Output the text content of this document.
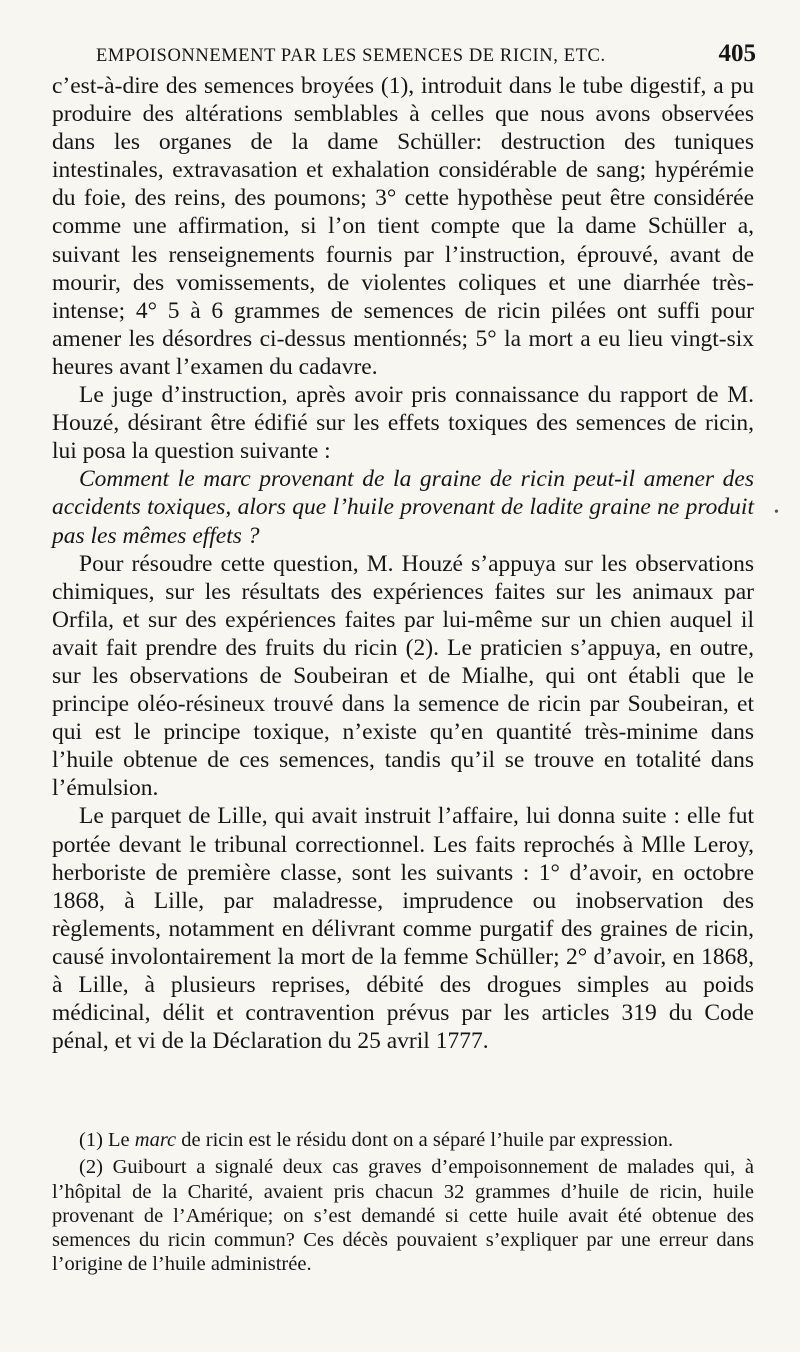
EMPOISONNEMENT PAR LES SEMENCES DE RICIN, ETC.	405

c’est-à-dire des semences broyées (1), introduit dans le tube digestif, a pu produire des altérations semblables à celles que nous avons observées dans les organes de la dame Schüller: destruction des tuniques intestinales, extravasation et exhalation considérable de sang; hypérémie du foie, des reins, des poumons; 3° cette hypothèse peut être considérée comme une affirmation, si l’on tient compte que la dame Schüller a, suivant les renseignements fournis par l’instruction, éprouvé, avant de mourir, des vomissements, de violentes coliques et une diarrhée très-intense; 4° 5 à 6 grammes de semences de ricin pilées ont suffi pour amener les désordres ci-dessus mentionnés; 5° la mort a eu lieu vingt-six heures avant l’examen du cadavre.

Le juge d’instruction, après avoir pris connaissance du rapport de M. Houzé, désirant être édifié sur les effets toxiques des semences de ricin, lui posa la question suivante :

Comment le marc provenant de la graine de ricin peut-il amener des accidents toxiques, alors que l’huile provenant de ladite graine ne produit pas les mêmes effets ?

Pour résoudre cette question, M. Houzé s’appuya sur les observations chimiques, sur les résultats des expériences faites sur les animaux par Orfila, et sur des expériences faites par lui-même sur un chien auquel il avait fait prendre des fruits du ricin (2). Le praticien s’appuya, en outre, sur les observations de Soubeiran et de Mialhe, qui ont établi que le principe oléo-résineux trouvé dans la semence de ricin par Soubeiran, et qui est le principe toxique, n’existe qu’en quantité très-minime dans l’huile obtenue de ces semences, tandis qu’il se trouve en totalité dans l’émulsion.

Le parquet de Lille, qui avait instruit l’affaire, lui donna suite : elle fut portée devant le tribunal correctionnel. Les faits reprochés à Mlle Leroy, herboriste de première classe, sont les suivants : 1° d’avoir, en octobre 1868, à Lille, par maladresse, imprudence ou inobservation des règlements, notamment en délivrant comme purgatif des graines de ricin, causé involontairement la mort de la femme Schüller; 2° d’avoir, en 1868, à Lille, à plusieurs reprises, débité des drogues simples au poids médicinal, délit et contravention prévus par les articles 319 du Code pénal, et vi de la Déclaration du 25 avril 1777.

•

(1) Le marc de ricin est le résidu dont on a séparé l’huile par expression.

(2) Guibourt a signalé deux cas graves d’empoisonnement de malades qui, à l’hôpital de la Charité, avaient pris chacun 32 grammes d’huile de ricin, huile provenant de l’Amérique; on s’est demandé si cette huile avait été obtenue des semences du ricin commun? Ces décès pouvaient s’expliquer par une erreur dans l’origine de l’huile administrée.
